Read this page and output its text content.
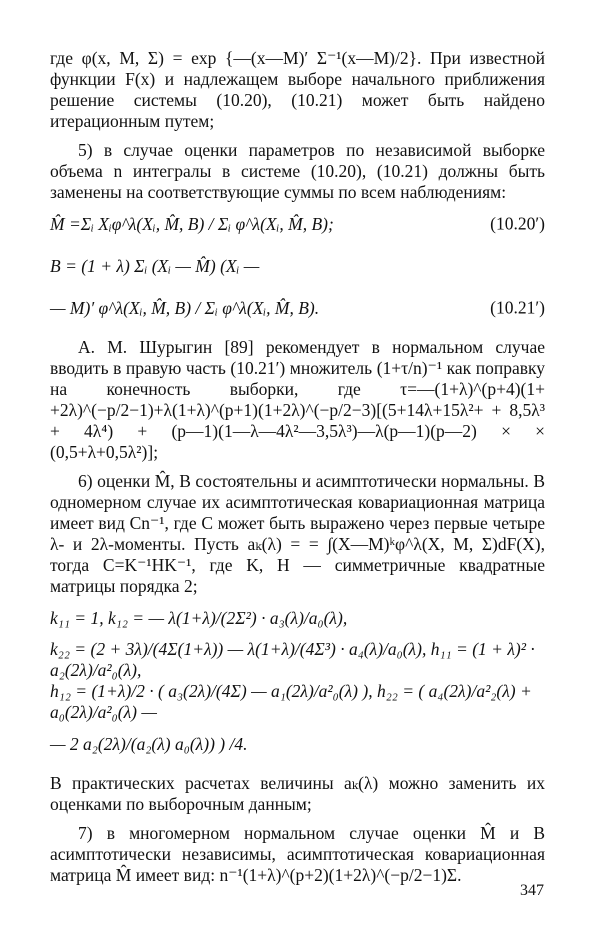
где φ(x, M, Σ) = exp {—(x—M)′ Σ⁻¹(x—M)/2}. При известной функции F(x) и надлежащем выборе начального приближения решение системы (10.20), (10.21) может быть найдено итерационным путем;

5) в случае оценки параметров по независимой выборке объема n интегралы в системе (10.20), (10.21) должны быть заменены на соответствующие суммы по всем наблюдениям:

M̂ = Σᵢ Xᵢφ^λ(Xᵢ, M̂, B) / Σᵢ φ^λ(Xᵢ, M̂, B);	(10.20′)
B = (1 + λ) Σᵢ (Xᵢ — M̂) (Xᵢ —
— M)′ φ^λ(Xᵢ, M̂, B) / Σᵢ φ^λ(Xᵢ, M̂, B).	(10.21′)

А. М. Шурыгин [89] рекомендует в нормальном случае вводить в правую часть (10.21′) множитель (1+τ/n)⁻¹ как поправку на конечность выборки, где τ=—(1+λ)^(p+4)(1+ +2λ)^(−p/2−1)+λ(1+λ)^(p+1)(1+2λ)^(−p/2−3)[(5+14λ+15λ²+ + 8,5λ³ + 4λ⁴) + (p—1)(1—λ—4λ²—3,5λ³)—λ(p—1)(p—2) × × (0,5+λ+0,5λ²)];

6) оценки M̂, B состоятельны и асимптотически нормальны. В одномерном случае их асимптотическая ковариационная матрица имеет вид Cn⁻¹, где C может быть выражено через первые четыре λ- и 2λ-моменты. Пусть aₖ(λ) = = ∫(X—M)ᵏφ^λ(X, M, Σ)dF(X), тогда C=K⁻¹HK⁻¹, где K, H — симметричные квадратные матрицы порядка 2;

k₁₁ = 1, k₁₂ = — λ(1+λ)/(2Σ²) · a₃(λ)/a₀(λ),
k₂₂ = (2 + 3λ)/(4Σ(1+λ)) — λ(1+λ)/(4Σ³) · a₄(λ)/a₀(λ), h₁₁ = (1 + λ)² · a₂(2λ)/a²₀(λ),
h₁₂ = (1+λ)/2 · ( a₃(2λ)/(4Σ) — a₁(2λ)/a²₀(λ) ), h₂₂ = ( a₄(2λ)/a²₂(λ) + a₀(2λ)/a²₀(λ) —
— 2 a₂(2λ)/(a₂(λ) a₀(λ)) ) /4.

В практических расчетах величины aₖ(λ) можно заменить их оценками по выборочным данным;

7) в многомерном нормальном случае оценки M̂ и B асимптотически независимы, асимптотическая ковариационная матрица M̂ имеет вид: n⁻¹(1+λ)^(p+2)(1+2λ)^(−p/2−1)Σ.

347
